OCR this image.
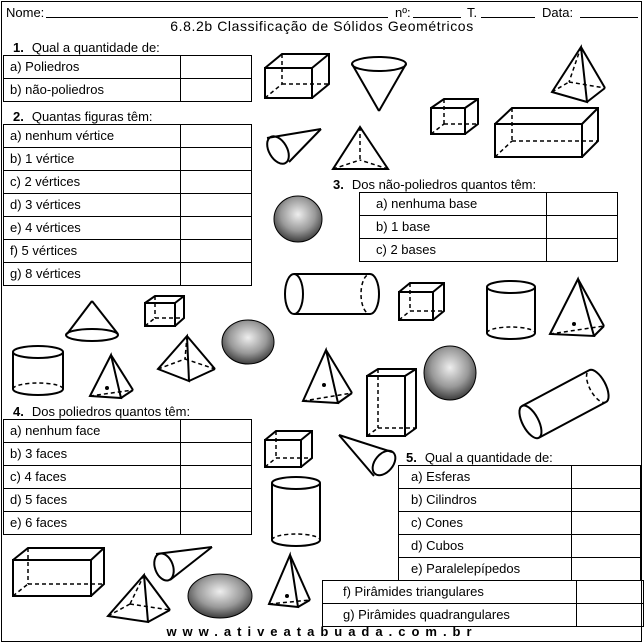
Nome:	nº:	T.	Data:
6.8.2b Classificação de Sólidos Geométricos
1. Qual a quantidade de:
a) Poliedros	
b) não-poliedros	
2. Quantas figuras têm:
a) nenhum vértice	
b) 1 vértice	
c) 2 vértices	
d) 3 vértices	
e) 4 vértices	
f) 5 vértices	
g) 8 vértices	
3. Dos não-poliedros quantos têm:
a) nenhuma base	
b) 1 base	
c) 2 bases	
4. Dos poliedros quantos têm:
a) nenhum face	
b) 3 faces	
c) 4 faces	
d) 5 faces	
e) 6 faces	
5. Qual a quantidade de:
a) Esferas	
b) Cilindros	
c) Cones	
d) Cubos	
e) Paralelepípedos	
f) Pirâmides triangulares	
g) Pirâmides quadrangulares	
www.ativeatabuada.com.br
